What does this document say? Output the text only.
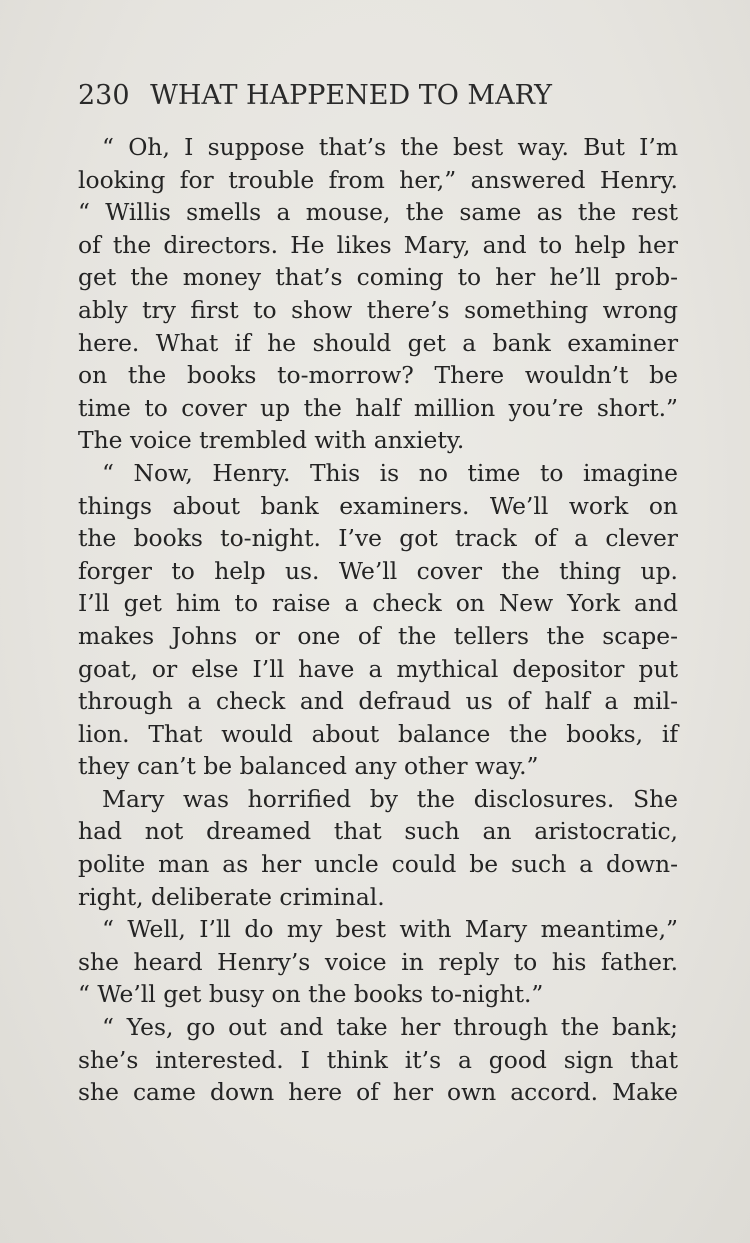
230 WHAT HAPPENED TO MARY
“ Oh, I suppose that’s the best way. But I’m
looking for trouble from her,” answered Henry.
“ Willis smells a mouse, the same as the rest
of the directors. He likes Mary, and to help her
get the money that’s coming to her he’ll prob-
ably try first to show there’s something wrong
here. What if he should get a bank examiner
on the books to-morrow? There wouldn’t be
time to cover up the half million you’re short.”
The voice trembled with anxiety.
“ Now, Henry. This is no time to imagine
things about bank examiners. We’ll work on
the books to-night. I’ve got track of a clever
forger to help us. We’ll cover the thing up.
I’ll get him to raise a check on New York and
makes Johns or one of the tellers the scape-
goat, or else I’ll have a mythical depositor put
through a check and defraud us of half a mil-
lion. That would about balance the books, if
they can’t be balanced any other way.”
Mary was horrified by the disclosures. She
had not dreamed that such an aristocratic,
polite man as her uncle could be such a down-
right, deliberate criminal.
“ Well, I’ll do my best with Mary meantime,”
she heard Henry’s voice in reply to his father.
“ We’ll get busy on the books to-night.”
“ Yes, go out and take her through the bank;
she’s interested. I think it’s a good sign that
she came down here of her own accord. Make
